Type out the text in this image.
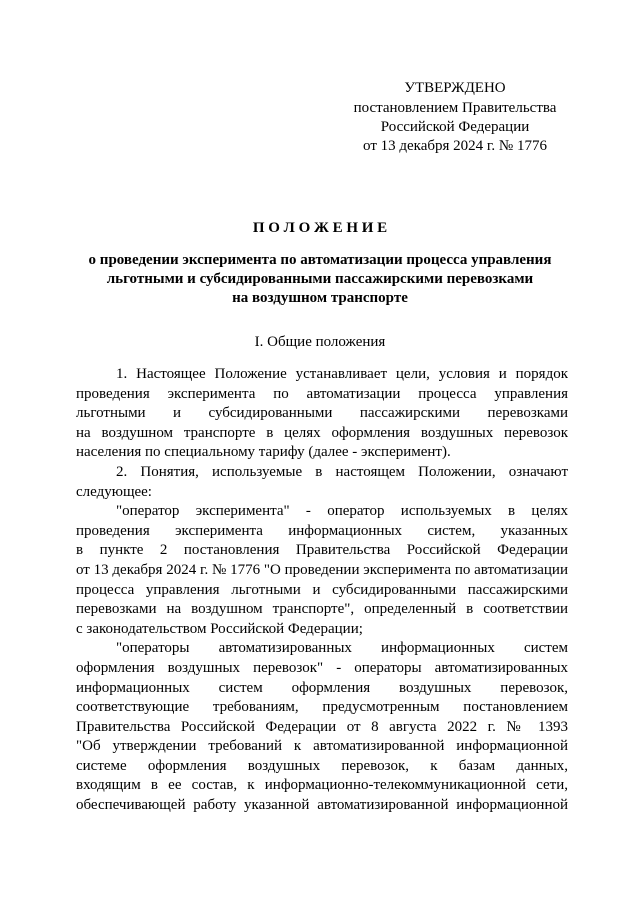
УТВЕРЖДЕНО
постановлением Правительства
Российской Федерации
от 13 декабря 2024 г. № 1776
П О Л О Ж Е Н И Е
о проведении эксперимента по автоматизации процесса управления
льготными и субсидированными пассажирскими перевозками
на воздушном транспорте
I. Общие положения
1. Настоящее Положение устанавливает цели, условия и порядок
проведения эксперимента по автоматизации процесса управления
льготными и субсидированными пассажирскими перевозками
на воздушном транспорте в целях оформления воздушных перевозок
населения по специальному тарифу (далее - эксперимент).
2. Понятия, используемые в настоящем Положении, означают
следующее:
"оператор эксперимента" - оператор используемых в целях
проведения эксперимента информационных систем, указанных
в пункте 2 постановления Правительства Российской Федерации
от 13 декабря 2024 г. № 1776 "О проведении эксперимента по автоматизации
процесса управления льготными и субсидированными пассажирскими
перевозками на воздушном транспорте", определенный в соответствии
с законодательством Российской Федерации;
"операторы автоматизированных информационных систем
оформления воздушных перевозок" - операторы автоматизированных
информационных систем оформления воздушных перевозок,
соответствующие требованиям, предусмотренным постановлением
Правительства Российской Федерации от 8 августа 2022 г. № 1393
"Об утверждении требований к автоматизированной информационной
системе оформления воздушных перевозок, к базам данных,
входящим в ее состав, к информационно-телекоммуникационной сети,
обеспечивающей работу указанной автоматизированной информационной
